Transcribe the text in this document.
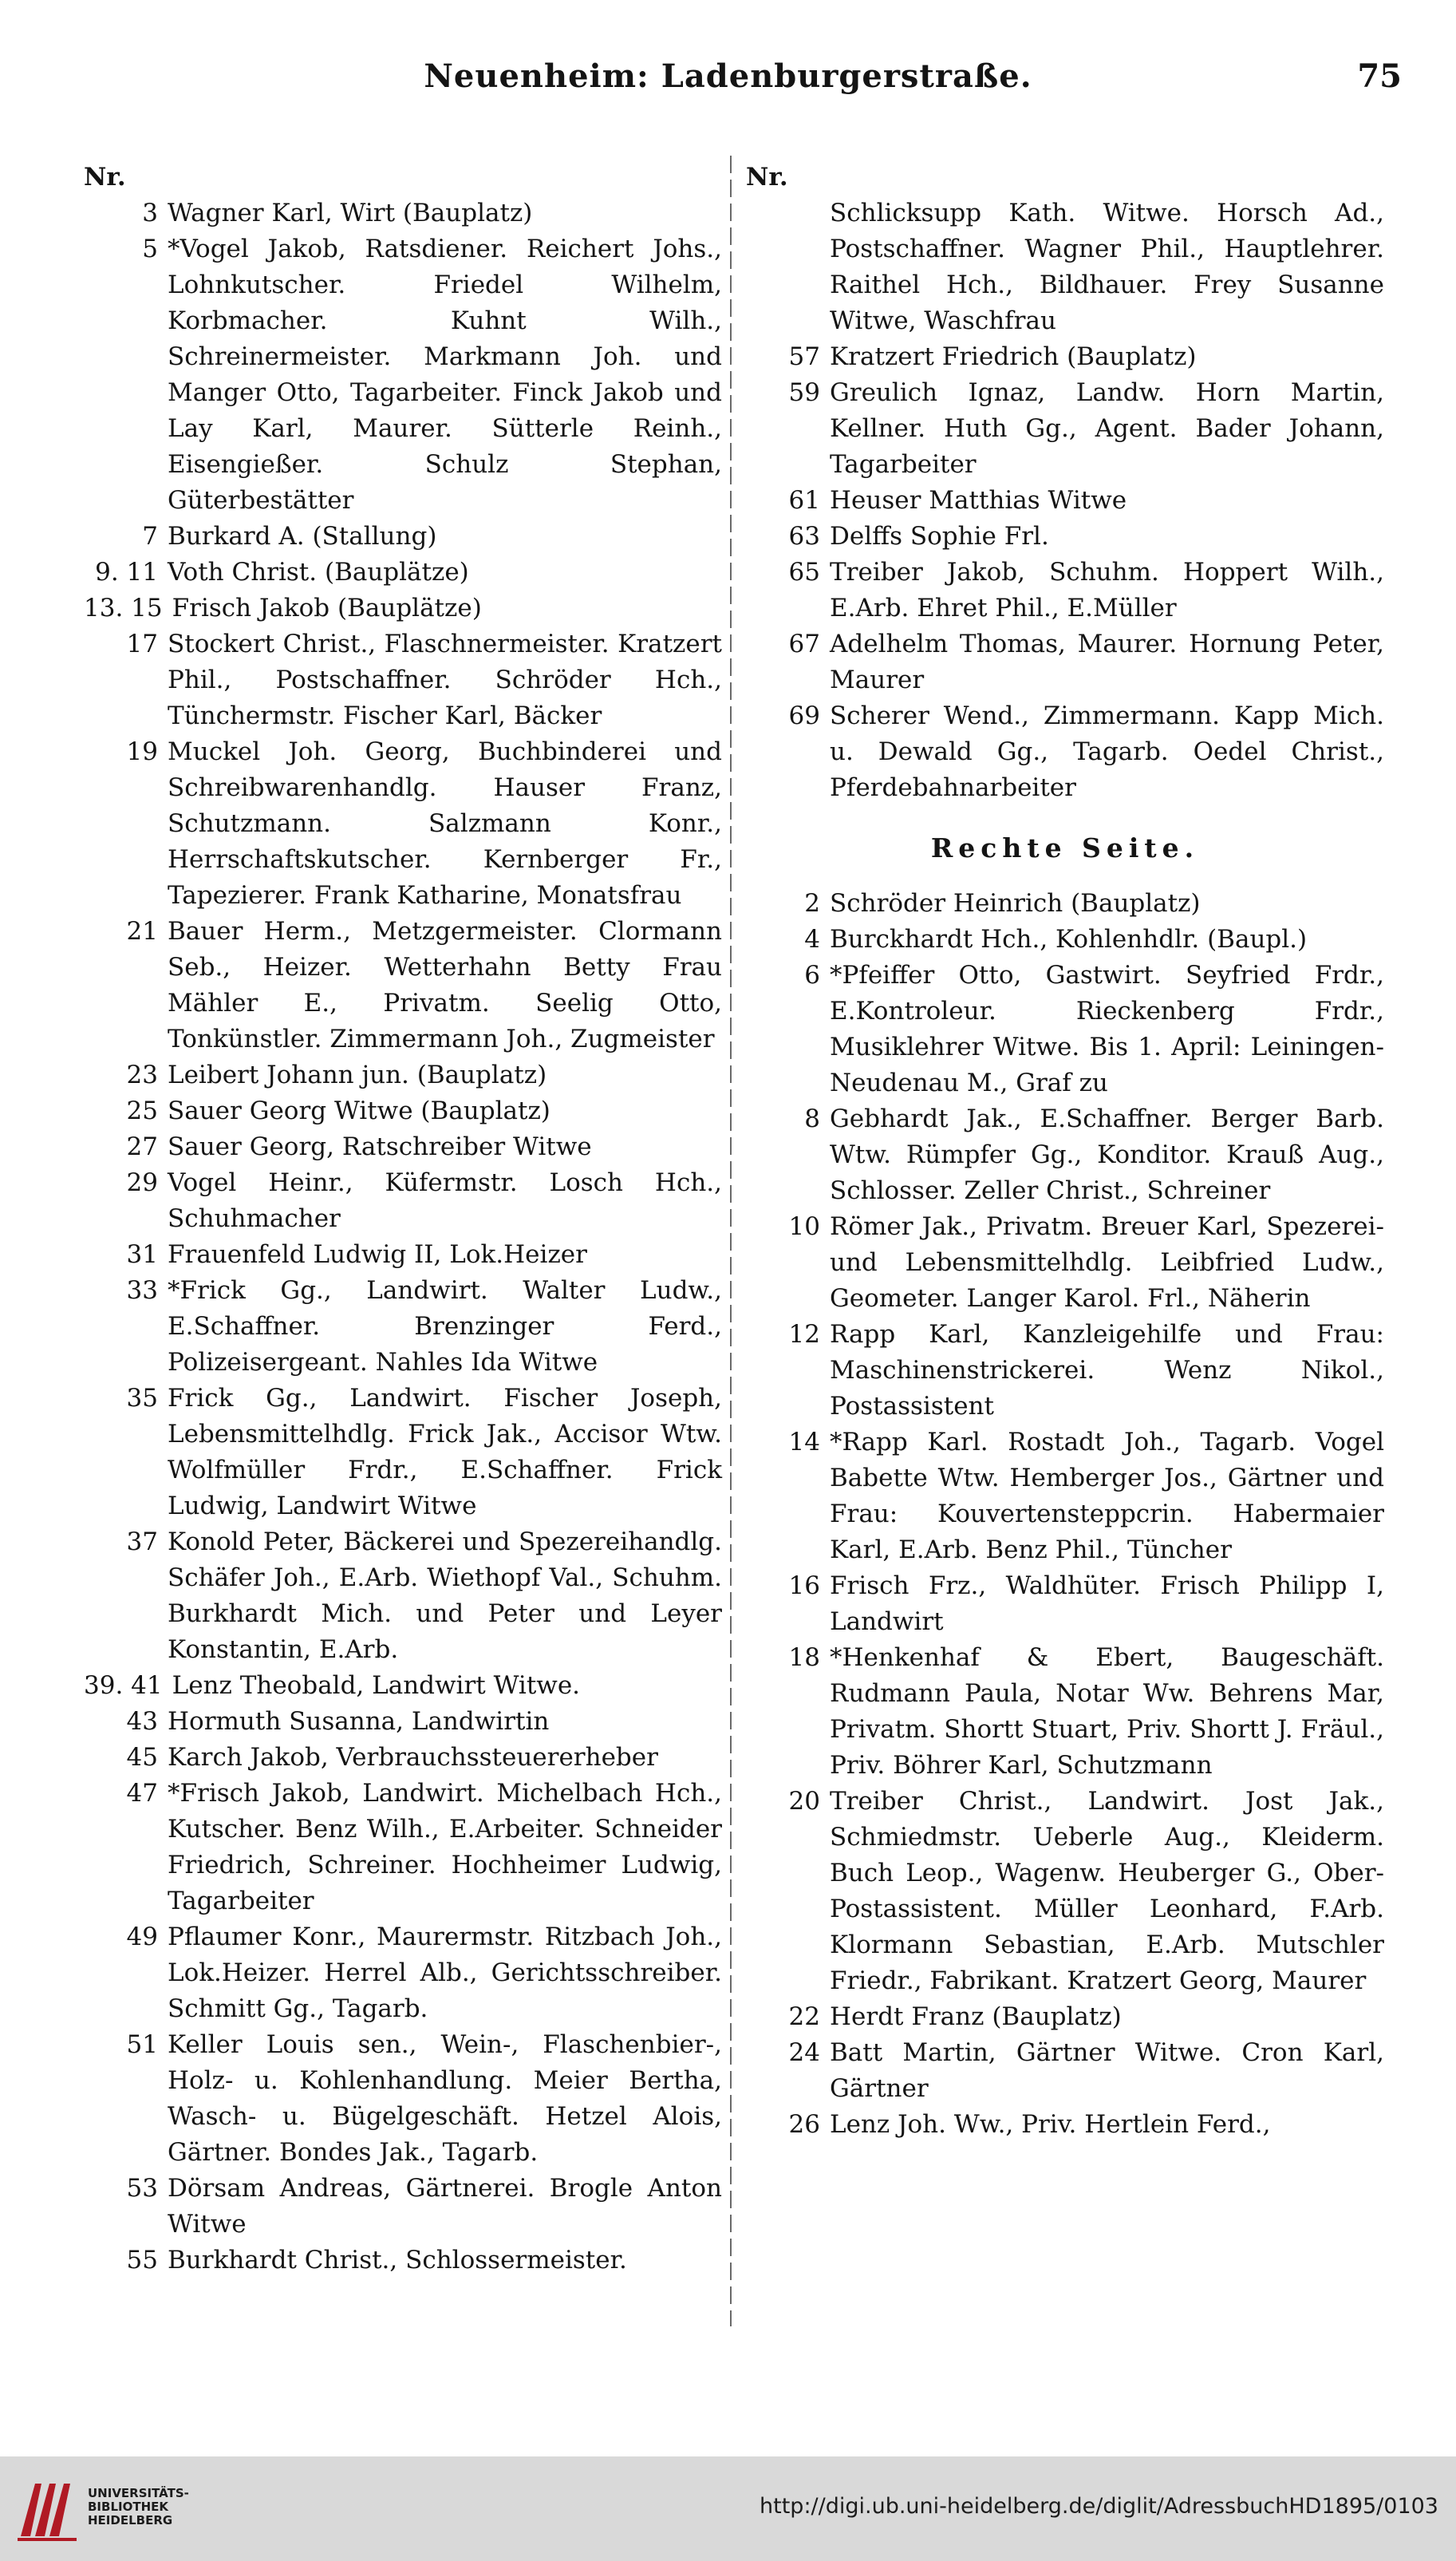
Neuenheim: Ladenburgerstraße.	75
Nr.
3 Wagner Karl, Wirt (Bauplatz)
5 *Vogel Jakob, Ratsdiener. Reichert Johs., Lohnkutscher. Friedel Wilhelm, Korbmacher. Kuhnt Wilh., Schreinermeister. Markmann Joh. und Manger Otto, Tagarbeiter. Finck Jakob und Lay Karl, Maurer. Sütterle Reinh., Eisengießer. Schulz Stephan, Güterbestätter
7 Burkard A. (Stallung)
9. 11 Voth Christ. (Bauplätze)
13. 15 Frisch Jakob (Bauplätze)
17 Stockert Christ., Flaschnermeister. Kratzert Phil., Postschaffner. Schröder Hch., Tünchermstr. Fischer Karl, Bäcker
19 Muckel Joh. Georg, Buchbinderei und Schreibwarenhandlg. Hauser Franz, Schutzmann. Salzmann Konr., Herrschaftskutscher. Kernberger Fr., Tapezierer. Frank Katharine, Monatsfrau
21 Bauer Herm., Metzgermeister. Clormann Seb., Heizer. Wetterhahn Betty Frau Mähler E., Privatm. Seelig Otto, Tonkünstler. Zimmermann Joh., Zugmeister
23 Leibert Johann jun. (Bauplatz)
25 Sauer Georg Witwe (Bauplatz)
27 Sauer Georg, Ratschreiber Witwe
29 Vogel Heinr., Küfermstr. Losch Hch., Schuhmacher
31 Frauenfeld Ludwig II, Lok.Heizer
33 *Frick Gg., Landwirt. Walter Ludw., E.Schaffner. Brenzinger Ferd., Polizeisergeant. Nahles Ida Witwe
35 Frick Gg., Landwirt. Fischer Joseph, Lebensmittelhdlg. Frick Jak., Accisor Wtw. Wolfmüller Frdr., E.Schaffner. Frick Ludwig, Landwirt Witwe
37 Konold Peter, Bäckerei und Spezereihandlg. Schäfer Joh., E.Arb. Wiethopf Val., Schuhm. Burkhardt Mich. und Peter und Leyer Konstantin, E.Arb.
39. 41 Lenz Theobald, Landwirt Witwe.
43 Hormuth Susanna, Landwirtin
45 Karch Jakob, Verbrauchssteuererheber
47 *Frisch Jakob, Landwirt. Michelbach Hch., Kutscher. Benz Wilh., E.Arbeiter. Schneider Friedrich, Schreiner. Hochheimer Ludwig, Tagarbeiter
49 Pflaumer Konr., Maurermstr. Ritzbach Joh., Lok.Heizer. Herrel Alb., Gerichtsschreiber. Schmitt Gg., Tagarb.
51 Keller Louis sen., Wein-, Flaschenbier-, Holz- u. Kohlenhandlung. Meier Bertha, Wasch- u. Bügelgeschäft. Hetzel Alois, Gärtner. Bondes Jak., Tagarb.
53 Dörsam Andreas, Gärtnerei. Brogle Anton Witwe
55 Burkhardt Christ., Schlossermeister.
Nr.
Schlicksupp Kath. Witwe. Horsch Ad., Postschaffner. Wagner Phil., Hauptlehrer. Raithel Hch., Bildhauer. Frey Susanne Witwe, Waschfrau
57 Kratzert Friedrich (Bauplatz)
59 Greulich Ignaz, Landw. Horn Martin, Kellner. Huth Gg., Agent. Bader Johann, Tagarbeiter
61 Heuser Matthias Witwe
63 Delffs Sophie Frl.
65 Treiber Jakob, Schuhm. Hoppert Wilh., E.Arb. Ehret Phil., E.Müller
67 Adelhelm Thomas, Maurer. Hornung Peter, Maurer
69 Scherer Wend., Zimmermann. Kapp Mich. u. Dewald Gg., Tagarb. Oedel Christ., Pferdebahnarbeiter
Rechte Seite.
2 Schröder Heinrich (Bauplatz)
4 Burckhardt Hch., Kohlenhdlr. (Baupl.)
6 *Pfeiffer Otto, Gastwirt. Seyfried Frdr., E.Kontroleur. Rieckenberg Frdr., Musiklehrer Witwe. Bis 1. April: Leiningen-Neudenau M., Graf zu
8 Gebhardt Jak., E.Schaffner. Berger Barb. Wtw. Rümpfer Gg., Konditor. Krauß Aug., Schlosser. Zeller Christ., Schreiner
10 Römer Jak., Privatm. Breuer Karl, Spezerei- und Lebensmittelhdlg. Leibfried Ludw., Geometer. Langer Karol. Frl., Näherin
12 Rapp Karl, Kanzleigehilfe und Frau: Maschinenstrickerei. Wenz Nikol., Postassistent
14 *Rapp Karl. Rostadt Joh., Tagarb. Vogel Babette Wtw. Hemberger Jos., Gärtner und Frau: Kouvertensteppcrin. Habermaier Karl, E.Arb. Benz Phil., Tüncher
16 Frisch Frz., Waldhüter. Frisch Philipp I, Landwirt
18 *Henkenhaf & Ebert, Baugeschäft. Rudmann Paula, Notar Ww. Behrens Mar, Privatm. Shortt Stuart, Priv. Shortt J. Fräul., Priv. Böhrer Karl, Schutzmann
20 Treiber Christ., Landwirt. Jost Jak., Schmiedmstr. Ueberle Aug., Kleiderm. Buch Leop., Wagenw. Heuberger G., Ober-Postassistent. Müller Leonhard, F.Arb. Klormann Sebastian, E.Arb. Mutschler Friedr., Fabrikant. Kratzert Georg, Maurer
22 Herdt Franz (Bauplatz)
24 Batt Martin, Gärtner Witwe. Cron Karl, Gärtner
26 Lenz Joh. Ww., Priv. Hertlein Ferd.,
UNIVERSITÄTS-
BIBLIOTHEK
HEIDELBERG
http://digi.ub.uni-heidelberg.de/diglit/AdressbuchHD1895/0103
